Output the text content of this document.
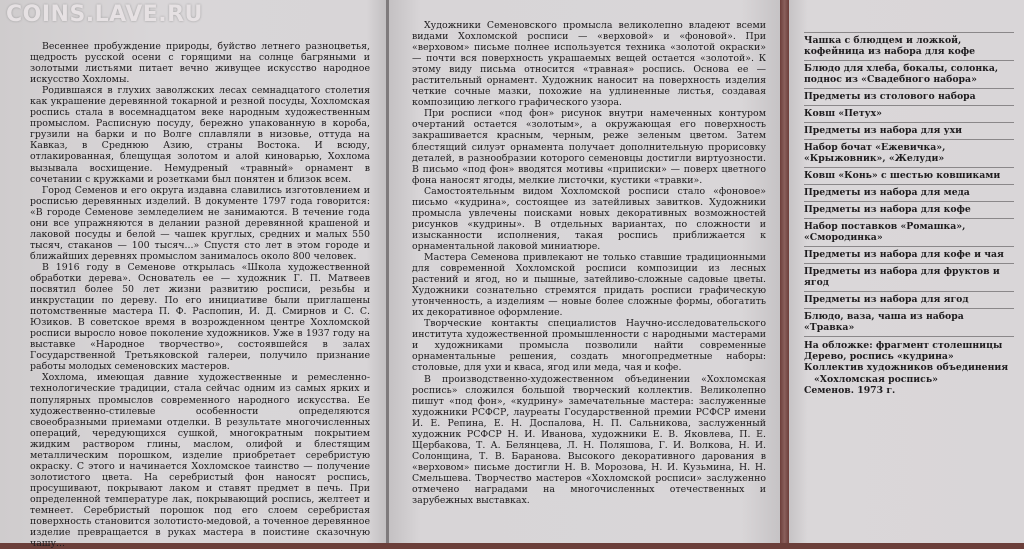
COINS.LAVE.RU

Весеннее пробуждение природы, буйство летнего разноцветья, щедрость русской осени с горящими на солнце багряными и золотыми листьями питает вечно живущее искусство народное искусство Хохломы.

Родившаяся в глухих заволжских лесах семнадцатого столетия как украшение деревянной токарной и резной посуды, Хохломская роспись стала в восемнадцатом веке народным художественным промыслом. Расписную посуду, бережно упакованную в короба, грузили на барки и по Волге сплавляли в низовье, оттуда на Кавказ, в Среднюю Азию, страны Востока. И всюду, отлакированная, блещущая золотом и алой киноварью, Хохлома вызывала восхищение. Немудреный «травный» орнамент в сочетании с кружками и розетками был понятен и близок всем.

Город Семенов и его округа издавна славились изготовлением и росписью деревянных изделий. В документе 1797 года говорится: «В городе Семенове земледелием не занимаются. В течение года они все упражняются в делании разной деревянной крашеной и лаковой посуды и белой — чашек круглых, средних и малых 550 тысяч, стаканов — 100 тысяч...» Спустя сто лет в этом городе и ближайших деревнях промыслом занималось около 800 человек.

В 1916 году в Семенове открылась «Школа художественной обработки дерева». Основатель ее — художник Г. П. Матвеев посвятил более 50 лет жизни развитию росписи, резьбы и инкрустации по дереву. По его инициативе были приглашены потомственные мастера П. Ф. Распопин, И. Д. Смирнов и С. С. Юзиков. В советское время в возрожденном центре Хохломской росписи выросло новое поколение художников. Уже в 1937 году на выставке «Народное творчество», состоявшейся в залах Государственной Третьяковской галереи, получило признание работы молодых семеновских мастеров.

Хохлома, имеющая давние художественные и ремесленно-технологические традиции, стала сейчас одним из самых ярких и популярных промыслов современного народного искусства. Ее художественно-стилевые особенности определяются своеобразными приемами отделки. В результате многочисленных операций, чередующихся сушкой, многократным покрытием жидким раствором глины, маслом, олифой и блестящим металлическим порошком, изделие приобретает серебристую окраску. С этого и начинается Хохломское таинство — получение золотистого цвета. На серебристый фон наносят роспись, просушивают, покрывают лаком и ставят предмет в печь. При определенной температуре лак, покрывающий роспись, желтеет и темнеет. Серебристый порошок под его слоем серебристая поверхность становится золотисто-медовой, а точенное деревянное изделие превращается в руках мастера в поистине сказочную чашу...

Художники Семеновского промысла великолепно владеют всеми видами Хохломской росписи — «верховой» и «фоновой». При «верховом» письме полнее используется техника «золотой окраски» — почти вся поверхность украшаемых вещей остается «золотой». К этому виду письма относится «травная» роспись. Основа ее — растительный орнамент. Художник наносит на поверхность изделия четкие сочные мазки, похожие на удлиненные листья, создавая композицию легкого графического узора.

При росписи «под фон» рисунок внутри намеченных контуром очертаний остается «золотым», а окружающая его поверхность закрашивается красным, черным, реже зеленым цветом. Затем блестящий силуэт орнамента получает дополнительную прорисовку деталей, в разнообразии которого семеновцы достигли виртуозности. В письмо «под фон» вводятся мотивы «приписки» — поверх цветного фона наносят ягоды, мелкие листочки, кустики «травки».

Самостоятельным видом Хохломской росписи стало «фоновое» письмо «кудрина», состоящее из затейливых завитков. Художники промысла увлечены поисками новых декоративных возможностей рисунков «кудрины». В отдельных вариантах, по сложности и изысканности исполнения, такая роспись приближается к орнаментальной лаковой миниатюре.

Мастера Семенова привлекают не только ставшие традиционными для современной Хохломской росписи композиции из лесных растений и ягод, но и пышные, затейливо-сложные садовые цветы. Художники сознательно стремятся придать росписи графическую утонченность, а изделиям — новые более сложные формы, обогатить их декоративное оформление.

Творческие контакты специалистов Научно-исследовательского института художественной промышленности с народными мастерами и художниками промысла позволили найти современные орнаментальные решения, создать многопредметные наборы: столовые, для ухи и кваса, ягод или меда, чая и кофе.

В производственно-художественном объединении «Хохломская роспись» сложился большой творческий коллектив. Великолепно пишут «под фон», «кудрину» замечательные мастера: заслуженные художники РСФСР, лауреаты Государственной премии РСФСР имени И. Е. Репина, Е. Н. Доспалова, Н. П. Сальникова, заслуженный художник РСФСР Н. И. Иванова, художники Е. В. Яковлева, П. Е. Щербакова, Т. А. Белянцева, Л. Н. Поляшова, Г. И. Волкова, Н. И. Солонщина, Т. В. Баранова. Высокого декоративного дарования в «верховом» письме достигли Н. В. Морозова, Н. И. Кузьмина, Н. Н. Смельшева. Творчество мастеров «Хохломской росписи» заслуженно отмечено наградами на многочисленных отечественных и зарубежных выставках.

Чашка с блюдцем и ложкой, кофейница из набора для кофе
Блюдо для хлеба, бокалы, солонка, поднос из «Свадебного набора»
Предметы из столового набора
Ковш «Петух»
Предметы из набора для ухи
Набор бочат «Ежевичка», «Крыжовник», «Желуди»
Ковш «Конь» с шестью ковшиками
Предметы из набора для меда
Предметы из набора для кофе
Набор поставков «Ромашка», «Смородинка»
Предметы из набора для кофе и чая
Предметы из набора для фруктов и ягод
Предметы из набора для ягод
Блюдо, ваза, чаша из набора «Травка»
На обложке: фрагмент столешницы
Дерево, роспись «кудрина»
Коллектив художников объединения
«Хохломская роспись»
Семенов. 1973 г.
